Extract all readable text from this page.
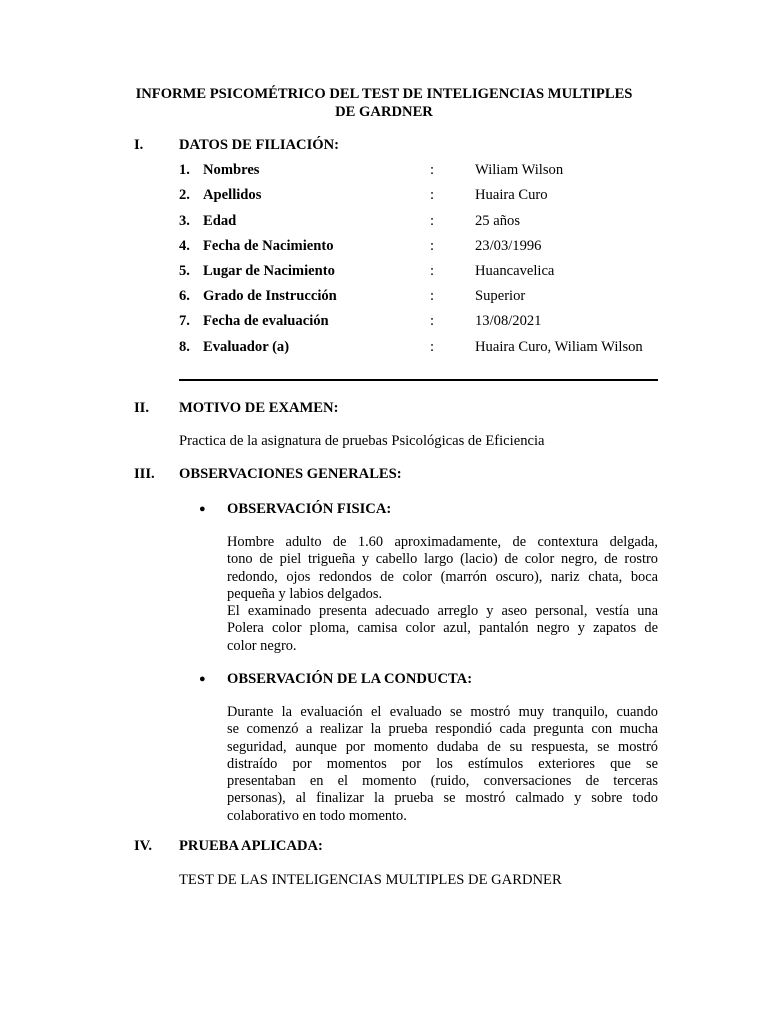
INFORME PSICOMÉTRICO DEL TEST DE INTELIGENCIAS MULTIPLES
DE GARDNER
I. DATOS DE FILIACIÓN:
1. Nombres	:	Wiliam Wilson
2. Apellidos	:	Huaira Curo
3. Edad	:	25 años
4. Fecha de Nacimiento	:	23/03/1996
5. Lugar de Nacimiento	:	Huancavelica
6. Grado de Instrucción	:	Superior
7. Fecha de evaluación	:	13/08/2021
8. Evaluador (a)	:	Huaira Curo, Wiliam Wilson
II. MOTIVO DE EXAMEN:
Practica de la asignatura de pruebas Psicológicas de Eficiencia
III. OBSERVACIONES GENERALES:
● OBSERVACIÓN FISICA:
Hombre adulto de 1.60 aproximadamente, de contextura delgada,
tono de piel trigueña y cabello largo (lacio) de color negro, de rostro
redondo, ojos redondos de color (marrón oscuro), nariz chata, boca
pequeña y labios delgados.
El examinado presenta adecuado arreglo y aseo personal, vestía una
Polera color ploma, camisa color azul, pantalón negro y zapatos de
color negro.
● OBSERVACIÓN DE LA CONDUCTA:
Durante la evaluación el evaluado se mostró muy tranquilo, cuando
se comenzó a realizar la prueba respondió cada pregunta con mucha
seguridad, aunque por momento dudaba de su respuesta, se mostró
distraído por momentos por los estímulos exteriores que se
presentaban en el momento (ruido, conversaciones de terceras
personas), al finalizar la prueba se mostró calmado y sobre todo
colaborativo en todo momento.
IV. PRUEBA APLICADA:
TEST DE LAS INTELIGENCIAS MULTIPLES DE GARDNER
